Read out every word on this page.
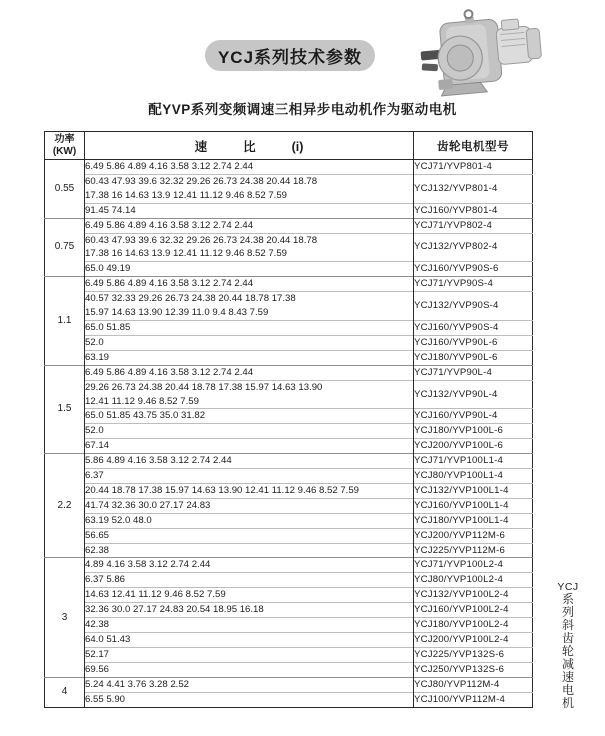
YCJ系列技术参数
配YVP系列变频调速三相异步电动机作为驱动电机
功率
(KW)	速	比	(i)	齿轮电机型号
0.55	6.49 5.86 4.89 4.16 3.58 3.12 2.74 2.44	YCJ71/YVP801-4

	60.43 47.93 39.6 32.32 29.26 26.73 24.38 20.44 18.78
17.38 16 14.63 13.9 12.41 11.12 9.46 8.52 7.59	YCJ132/YVP801-4

	91.45 74.14	YCJ160/YVP801-4
0.75	6.49 5.86 4.89 4.16 3.58 3.12 2.74 2.44	YCJ71/YVP802-4

	60.43 47.93 39.6 32.32 29.26 26.73 24.38 20.44 18.78
17.38 16 14.63 13.9 12.41 11.12 9.46 8.52 7.59	YCJ132/YVP802-4

	65.0 49.19	YCJ160/YVP90S-6
1.1	6.49 5.86 4.89 4.16 3.58 3.12 2.74 2.44	YCJ71/YVP90S-4

	40.57 32.33 29.26 26.73 24.38 20.44 18.78 17.38
15.97 14.63 13.90 12.39 11.0 9.4 8.43 7.59	YCJ132/YVP90S-4

	65.0 51.85	YCJ160/YVP90S-4

	52.0	YCJ160/YVP90L-6

	63.19	YCJ180/YVP90L-6
1.5	6.49 5.86 4.89 4.16 3.58 3.12 2.74 2.44	YCJ71/YVP90L-4

	29.26 26.73 24.38 20.44 18.78 17.38 15.97 14.63 13.90
12.41 11.12 9.46 8.52 7.59	YCJ132/YVP90L-4

	65.0 51.85 43.75 35.0 31.82	YCJ160/YVP90L-4

	52.0	YCJ180/YVP100L-6

	67.14	YCJ200/YVP100L-6
2.2	5.86 4.89 4.16 3.58 3.12 2.74 2.44	YCJ71/YVP100L1-4

	6.37	YCJ80/YVP100L1-4

	20.44 18.78 17.38 15.97 14.63 13.90 12.41 11.12 9.46 8.52 7.59	YCJ132/YVP100L1-4

	41.74 32.36 30.0 27.17 24.83	YCJ160/YVP100L1-4

	63.19 52.0 48.0	YCJ180/YVP100L1-4

	56.65	YCJ200/YVP112M-6

	62.38	YCJ225/YVP112M-6
3	4.89 4.16 3.58 3.12 2.74 2.44	YCJ71/YVP100L2-4

	6.37 5.86	YCJ80/YVP100L2-4

	14.63 12.41 11.12 9.46 8.52 7.59	YCJ132/YVP100L2-4

	32.36 30.0 27.17 24.83 20.54 18.95 16.18	YCJ160/YVP100L2-4

	42.38	YCJ180/YVP100L2-4

	64.0 51.43	YCJ200/YVP100L2-4

	52.17	YCJ225/YVP132S-6

	69.56	YCJ250/YVP132S-6
4	5.24 4.41 3.76 3.28 2.52	YCJ80/YVP112M-4

	6.55 5.90	YCJ100/YVP112M-4
YCJ
系
列
斜
齿
轮
减
速
电
机
